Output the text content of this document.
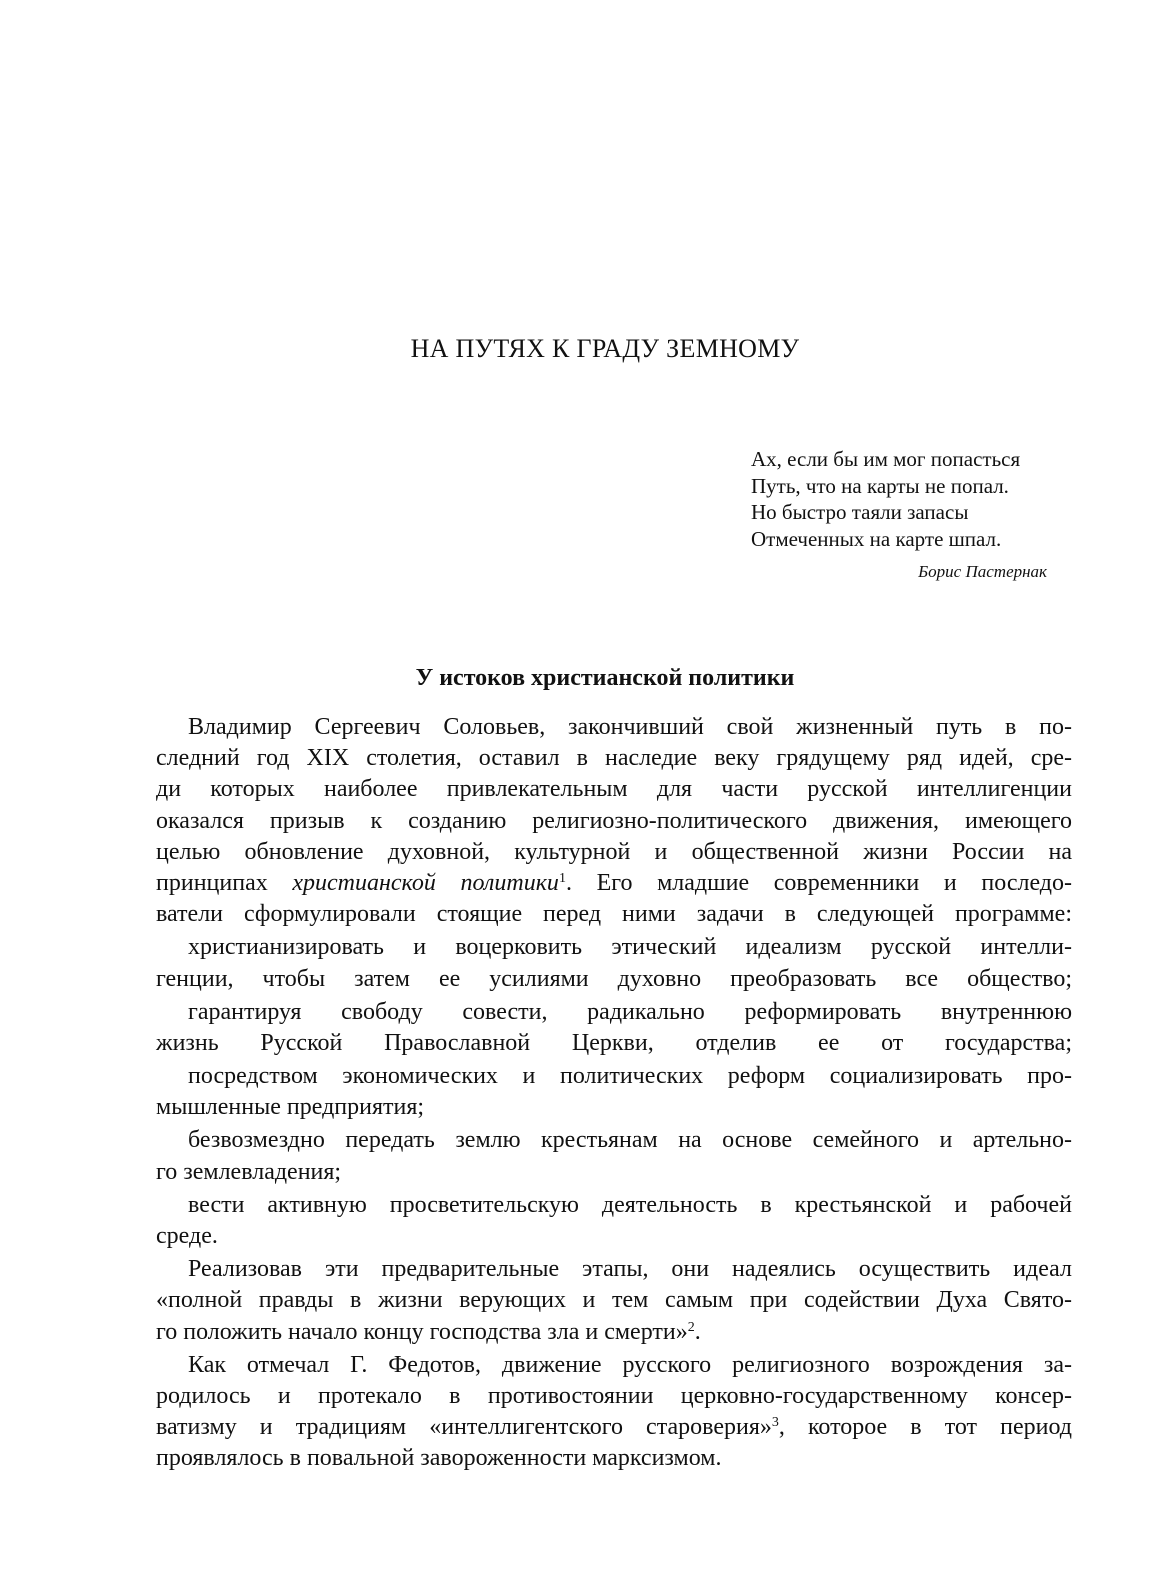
НА ПУТЯХ К ГРАДУ ЗЕМНОМУ
Ах, если бы им мог попасться
Путь, что на карты не попал.
Но быстро таяли запасы
Отмеченных на карте шпал.
Борис Пастернак
У истоков христианской политики
Владимир Сергеевич Соловьев, закончивший свой жизненный путь в по-
следний год XIX столетия, оставил в наследие веку грядущему ряд идей, сре-
ди которых наиболее привлекательным для части русской интеллигенции
оказался призыв к созданию религиозно-политического движения, имеющего
целью обновление духовной, культурной и общественной жизни России на
принципах христианской политики$^1$. Его младшие современники и последо-
ватели сформулировали стоящие перед ними задачи в следующей программе:
христианизировать и воцерковить этический идеализм русской интелли-
генции, чтобы затем ее усилиями духовно преобразовать все общество;
гарантируя свободу совести, радикально реформировать внутреннюю
жизнь Русской Православной Церкви, отделив ее от государства;
посредством экономических и политических реформ социализировать про-
мышленные предприятия;
безвозмездно передать землю крестьянам на основе семейного и артельно-
го землевладения;
вести активную просветительскую деятельность в крестьянской и рабочей
среде.
Реализовав эти предварительные этапы, они надеялись осуществить идеал
«полной правды в жизни верующих и тем самым при содействии Духа Свято-
го положить начало концу господства зла и смерти»$^2$.
Как отмечал Г. Федотов, движение русского религиозного возрождения за-
родилось и протекало в противостоянии церковно-государственному консер-
ватизму и традициям «интеллигентского староверия»$^3$, которое в тот период
проявлялось в повальной завороженности марксизмом.
